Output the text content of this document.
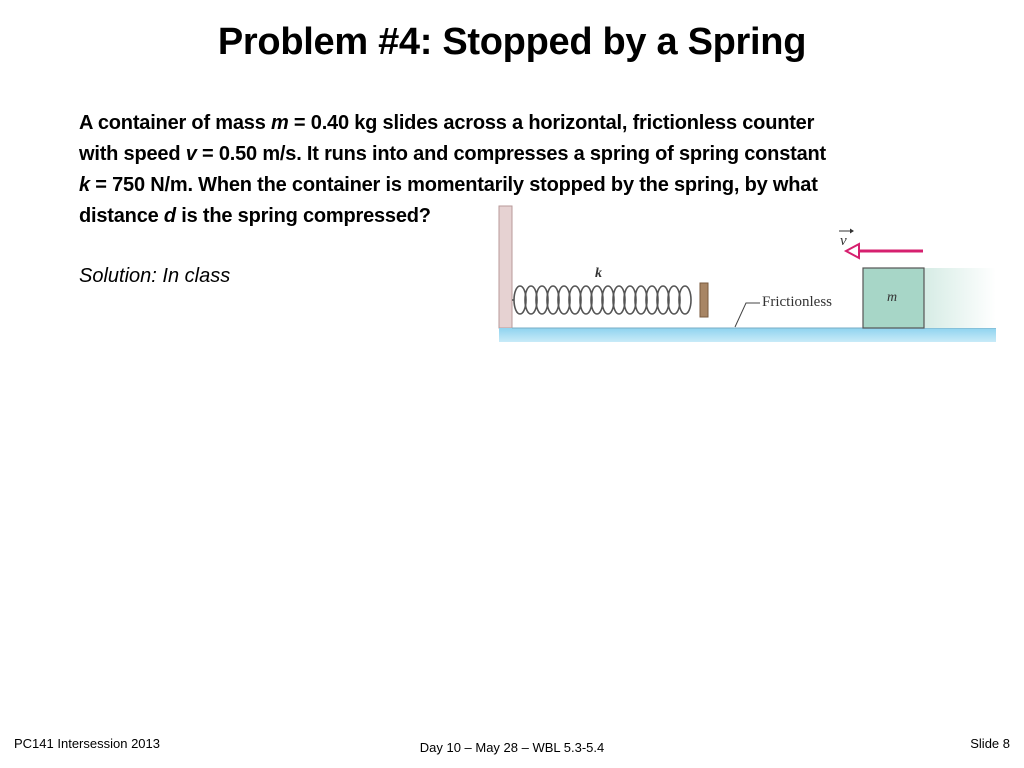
Problem #4: Stopped by a Spring

A container of mass m = 0.40 kg slides across a horizontal, frictionless counter
with speed v = 0.50 m/s. It runs into and compresses a spring of spring constant
k = 750 N/m. When the container is momentarily stopped by the spring, by what
distance d is the spring compressed?

Solution: In class	k
Frictionless	m
v
PC141 Intersession 2013	Day 10 – May 28 – WBL 5.3-5.4	Slide 8
